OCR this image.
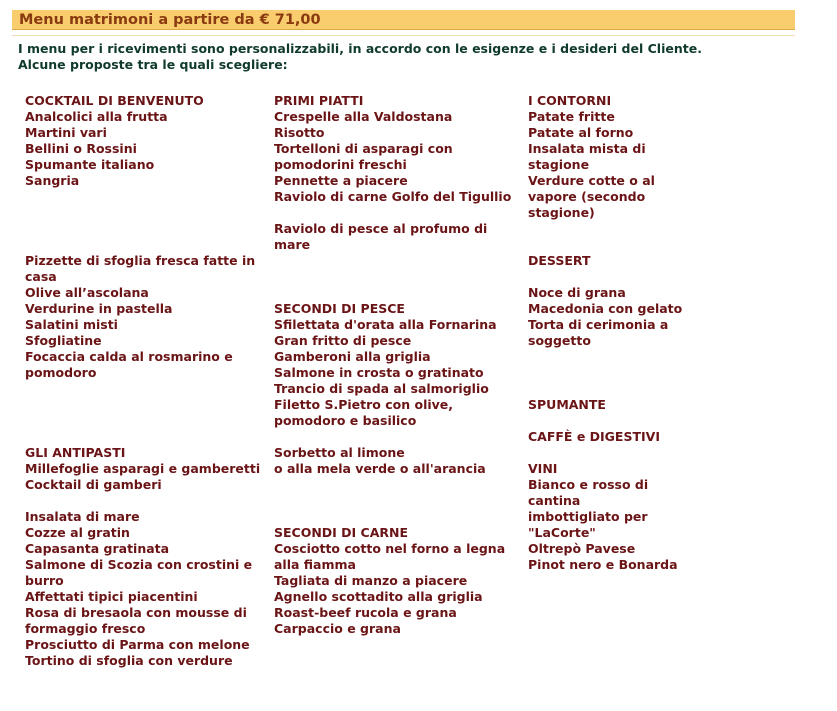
Menu matrimoni a partire da € 71,00
I menu per i ricevimenti sono personalizzabili, in accordo con le esigenze e i desideri del Cliente.
Alcune proposte tra le quali scegliere:
COCKTAIL DI BENVENUTO
Analcolici alla frutta
Martini vari
Bellini o Rossini
Spumante italiano
Sangria
Pizzette di sfoglia fresca fatte in casa
Olive all’ascolana
Verdurine in pastella
Salatini misti
Sfogliatine
Focaccia calda al rosmarino e pomodoro
GLI ANTIPASTI
Millefoglie asparagi e gamberetti
Cocktail di gamberi
Insalata di mare
Cozze al gratin
Capasanta gratinata
Salmone di Scozia con crostini e burro
Affettati tipici piacentini
Rosa di bresaola con mousse di formaggio fresco
Prosciutto di Parma con melone
Tortino di sfoglia con verdure
PRIMI PIATTI
Crespelle alla Valdostana
Risotto
Tortelloni di asparagi con pomodorini freschi
Pennette a piacere
Raviolo di carne Golfo del Tigullio
Raviolo di pesce al profumo di mare
SECONDI DI PESCE
Sfilettata d'orata alla Fornarina
Gran fritto di pesce
Gamberoni alla griglia
Salmone in crosta o gratinato
Trancio di spada al salmoriglio
Filetto S.Pietro con olive, pomodoro e basilico
Sorbetto al limone
o alla mela verde o all'arancia
SECONDI DI CARNE
Cosciotto cotto nel forno a legna alla fiamma
Tagliata di manzo a piacere
Agnello scottadito alla griglia
Roast-beef rucola e grana
Carpaccio e grana
I CONTORNI
Patate fritte
Patate al forno
Insalata mista di stagione
Verdure cotte o al vapore (secondo stagione)
DESSERT
Noce di grana
Macedonia con gelato
Torta di cerimonia a soggetto
SPUMANTE
CAFFÈ e DIGESTIVI
VINI
Bianco e rosso di cantina imbottigliato per "LaCorte"
Oltrepò Pavese
Pinot nero e Bonarda
